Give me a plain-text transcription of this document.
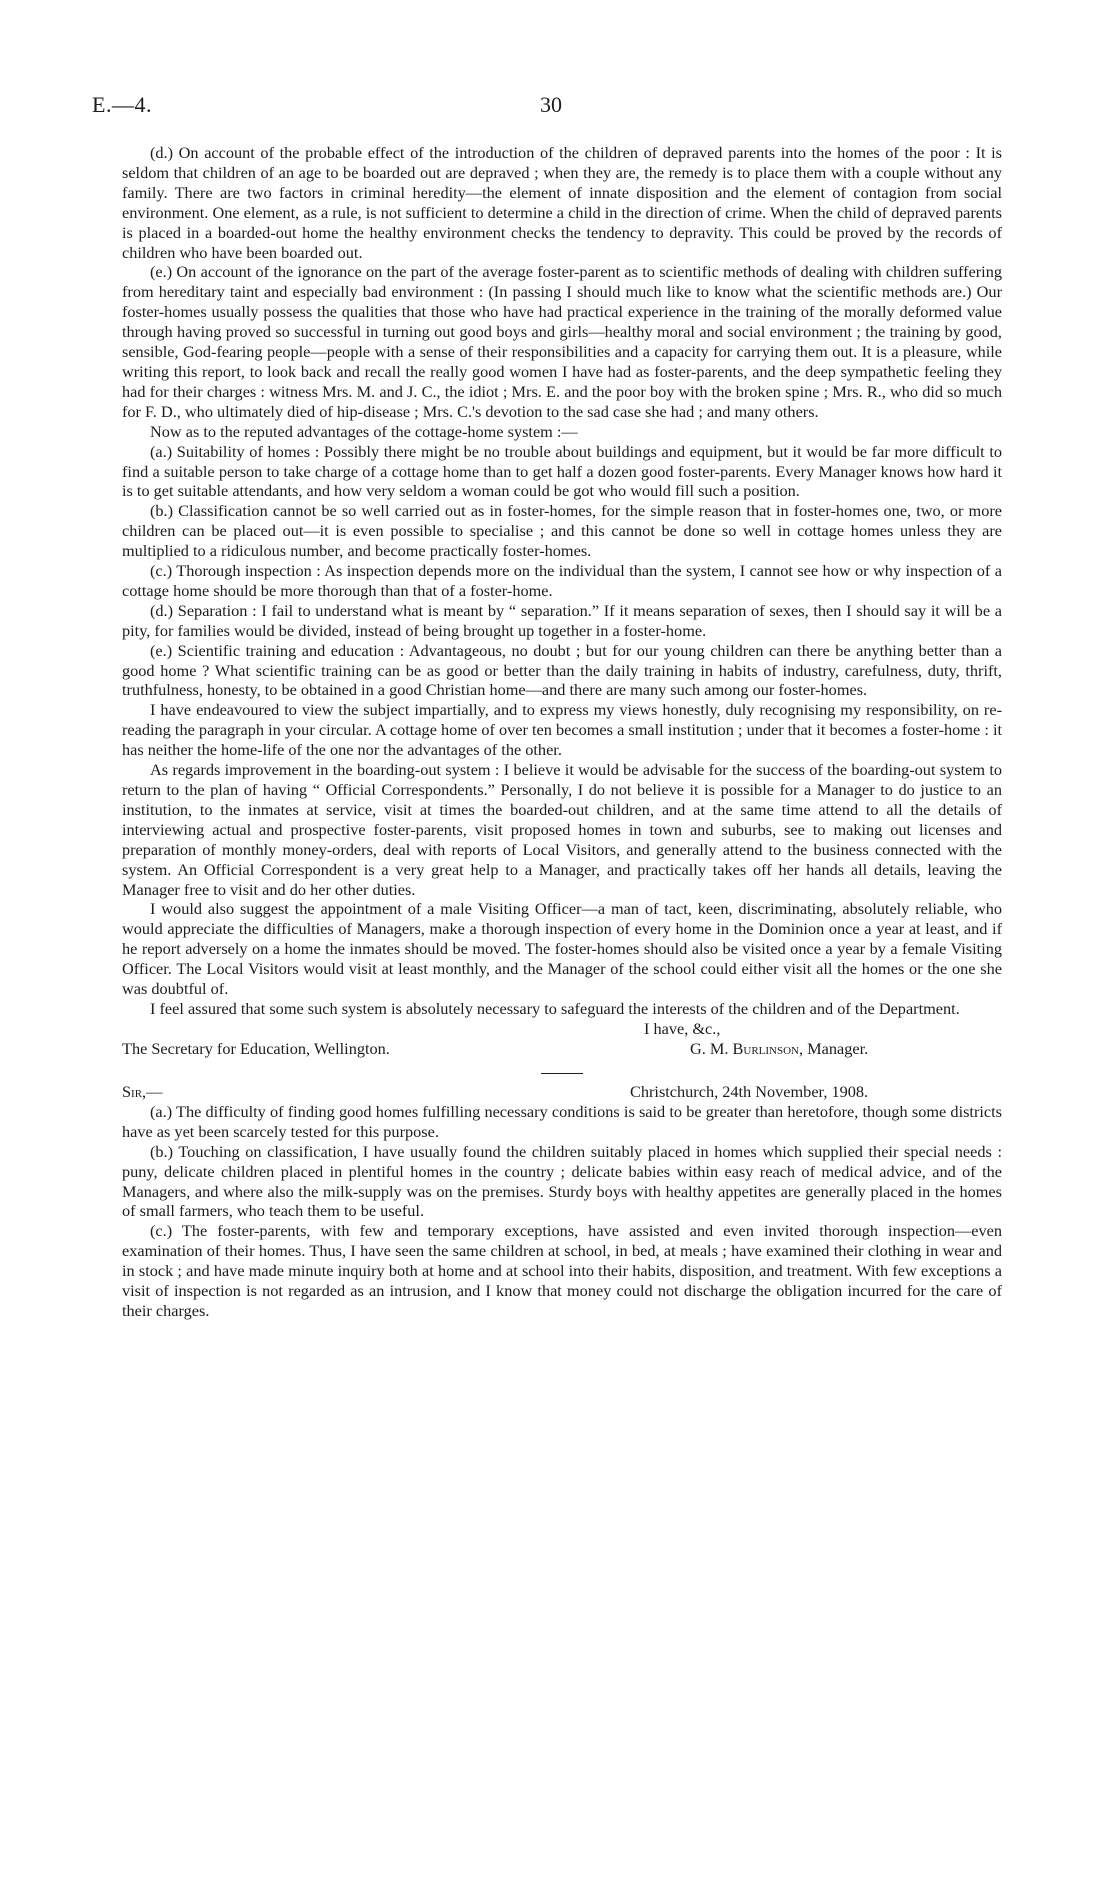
E.—4.	30

(d.) On account of the probable effect of the introduction of the children of depraved parents into the homes of the poor : It is seldom that children of an age to be boarded out are depraved ; when they are, the remedy is to place them with a couple without any family. There are two factors in criminal heredity—the element of innate disposition and the element of contagion from social environment. One element, as a rule, is not sufficient to determine a child in the direction of crime. When the child of depraved parents is placed in a boarded-out home the healthy environment checks the tendency to depravity. This could be proved by the records of children who have been boarded out.

(e.) On account of the ignorance on the part of the average foster-parent as to scientific methods of dealing with children suffering from hereditary taint and especially bad environment : (In passing I should much like to know what the scientific methods are.) Our foster-homes usually possess the qualities that those who have had practical experience in the training of the morally deformed value through having proved so successful in turning out good boys and girls—healthy moral and social environment ; the training by good, sensible, God-fearing people—people with a sense of their responsibilities and a capacity for carrying them out. It is a pleasure, while writing this report, to look back and recall the really good women I have had as foster-parents, and the deep sympathetic feeling they had for their charges : witness Mrs. M. and J. C., the idiot ; Mrs. E. and the poor boy with the broken spine ; Mrs. R., who did so much for F. D., who ultimately died of hip-disease ; Mrs. C.'s devotion to the sad case she had ; and many others.

Now as to the reputed advantages of the cottage-home system :—

(a.) Suitability of homes : Possibly there might be no trouble about buildings and equipment, but it would be far more difficult to find a suitable person to take charge of a cottage home than to get half a dozen good foster-parents. Every Manager knows how hard it is to get suitable attendants, and how very seldom a woman could be got who would fill such a position.

(b.) Classification cannot be so well carried out as in foster-homes, for the simple reason that in foster-homes one, two, or more children can be placed out—it is even possible to specialise ; and this cannot be done so well in cottage homes unless they are multiplied to a ridiculous number, and become practically foster-homes.

(c.) Thorough inspection : As inspection depends more on the individual than the system, I cannot see how or why inspection of a cottage home should be more thorough than that of a foster-home.

(d.) Separation : I fail to understand what is meant by “ separation.” If it means separation of sexes, then I should say it will be a pity, for families would be divided, instead of being brought up together in a foster-home.

(e.) Scientific training and education : Advantageous, no doubt ; but for our young children can there be anything better than a good home ? What scientific training can be as good or better than the daily training in habits of industry, carefulness, duty, thrift, truthfulness, honesty, to be obtained in a good Christian home—and there are many such among our foster-homes.

I have endeavoured to view the subject impartially, and to express my views honestly, duly recognising my responsibility, on re-reading the paragraph in your circular. A cottage home of over ten becomes a small institution ; under that it becomes a foster-home : it has neither the home-life of the one nor the advantages of the other.

As regards improvement in the boarding-out system : I believe it would be advisable for the success of the boarding-out system to return to the plan of having “ Official Correspondents.” Personally, I do not believe it is possible for a Manager to do justice to an institution, to the inmates at service, visit at times the boarded-out children, and at the same time attend to all the details of interviewing actual and prospective foster-parents, visit proposed homes in town and suburbs, see to making out licenses and preparation of monthly money-orders, deal with reports of Local Visitors, and generally attend to the business connected with the system. An Official Correspondent is a very great help to a Manager, and practically takes off her hands all details, leaving the Manager free to visit and do her other duties.

I would also suggest the appointment of a male Visiting Officer—a man of tact, keen, discriminating, absolutely reliable, who would appreciate the difficulties of Managers, make a thorough inspection of every home in the Dominion once a year at least, and if he report adversely on a home the inmates should be moved. The foster-homes should also be visited once a year by a female Visiting Officer. The Local Visitors would visit at least monthly, and the Manager of the school could either visit all the homes or the one she was doubtful of.

I feel assured that some such system is absolutely necessary to safeguard the interests of the children and of the Department.

I have, &c.,
The Secretary for Education, Wellington.	G. M. Burlinson, Manager.
Sir,—	Christchurch, 24th November, 1908.

(a.) The difficulty of finding good homes fulfilling necessary conditions is said to be greater than heretofore, though some districts have as yet been scarcely tested for this purpose.

(b.) Touching on classification, I have usually found the children suitably placed in homes which supplied their special needs : puny, delicate children placed in plentiful homes in the country ; delicate babies within easy reach of medical advice, and of the Managers, and where also the milk-supply was on the premises. Sturdy boys with healthy appetites are generally placed in the homes of small farmers, who teach them to be useful.

(c.) The foster-parents, with few and temporary exceptions, have assisted and even invited thorough inspection—even examination of their homes. Thus, I have seen the same children at school, in bed, at meals ; have examined their clothing in wear and in stock ; and have made minute inquiry both at home and at school into their habits, disposition, and treatment. With few exceptions a visit of inspection is not regarded as an intrusion, and I know that money could not discharge the obligation incurred for the care of their charges.
